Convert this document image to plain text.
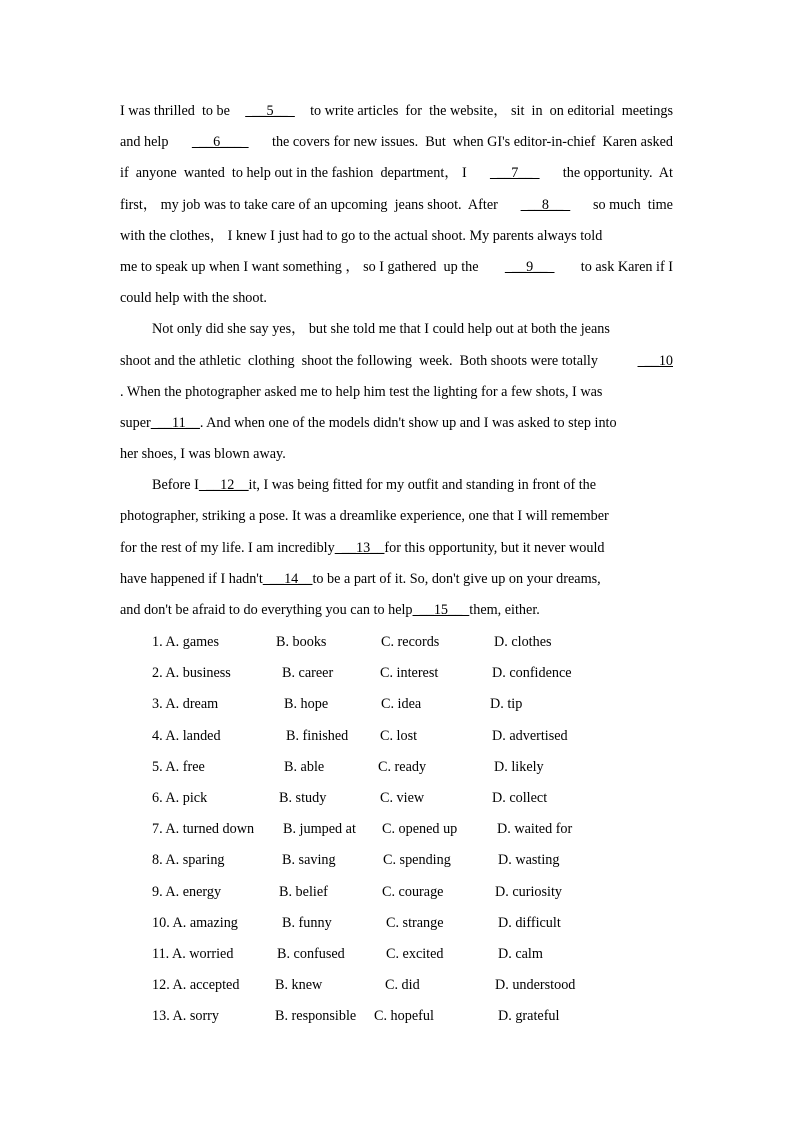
I was thrilled  to be __5__ to write articles  for  the website， sit  in  on editorial  meetings
and help __6___ the covers for new issues.  But  when GI's editor-in-chief  Karen asked
if  anyone  wanted  to help out in the fashion  department， I __7__ the opportunity.  At
first， my job was to take care of an upcoming  jeans shoot.  After __8__ so much  time
with the clothes， I knew I just had to go to the actual shoot. My parents always told
me to speak up when I want something ， so I gathered  up the __9__ to ask Karen if I
could help with the shoot.
Not only did she say yes， but she told me that I could help out at both the jeans
shoot and the athletic  clothing  shoot the following  week.  Both shoots were totally	__10
. When the photographer asked me to help him test the lighting for a few shots, I was
super  __11__. And when one of the models didn't show up and I was asked to step into
her shoes, I was blown away.
Before I  __12__it, I was being fitted for my outfit and standing in front of the
photographer, striking a pose. It was a dreamlike experience, one that I will remember
for the rest of my life. I am incredibly  __13__for this opportunity, but it never would
have happened if I hadn't  __14__to be a part of it. So, don't give up on your dreams,
and don't be afraid to do everything you can to help  __15__  them, either.
1. A. games	B. books	C. records	D. clothes
2. A. business	B. career	C. interest	D. confidence
3. A. dream	B. hope	C. idea	D. tip
4. A. landed	B. finished C. lost	D. advertised
5. A. free	B. able	C. ready	D. likely
6. A. pick	B. study	C. view	D. collect
7. A. turned down B. jumped at C. opened up	D. waited for
8. A. sparing	B. saving	C. spending	D. wasting
9. A. energy	B. belief	C. courage	D. curiosity
10. A. amazing	B. funny	C. strange	D. difficult
11. A. worried	B. confused	C. excited	D. calm
12. A. accepted	B. knew	C. did	D. understood
13. A. sorry	B. responsible C. hopeful	D. grateful
